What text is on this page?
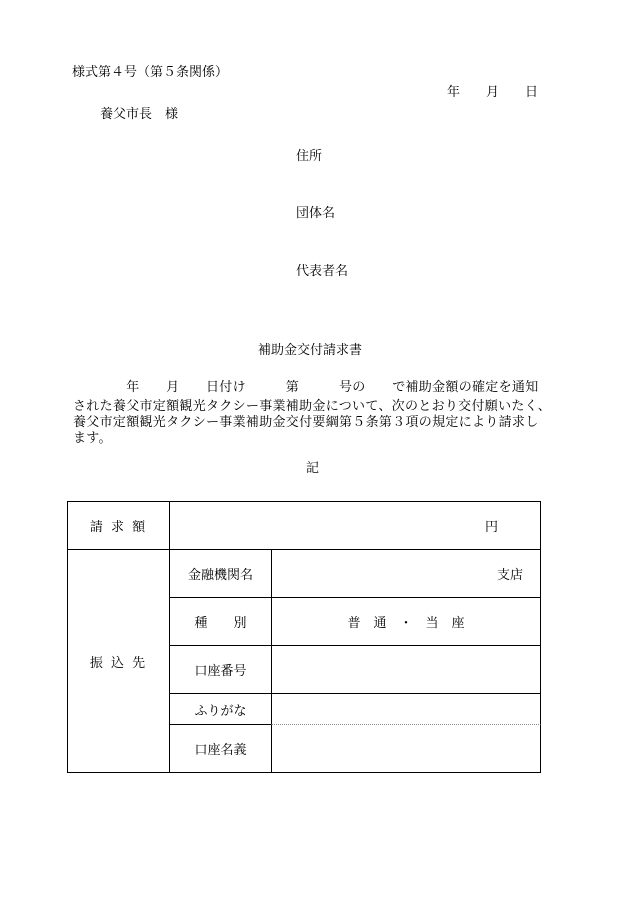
様式第４号（第５条関係）
年　　月　　日
養父市長　様
住所
団体名
代表者名
補助金交付請求書
　　　　年　　月　　日付け　　　第　　　号の　　で補助金額の確定を通知
された養父市定額観光タクシー事業補助金について、次のとおり交付願いたく、
養父市定額観光タクシー事業補助金交付要綱第５条第３項の規定により請求し
ます。
記
請 求 額	円
振 込 先
金融機関名	支店
種　　別	普　通　・　当　座
口座番号
ふりがな
口座名義
